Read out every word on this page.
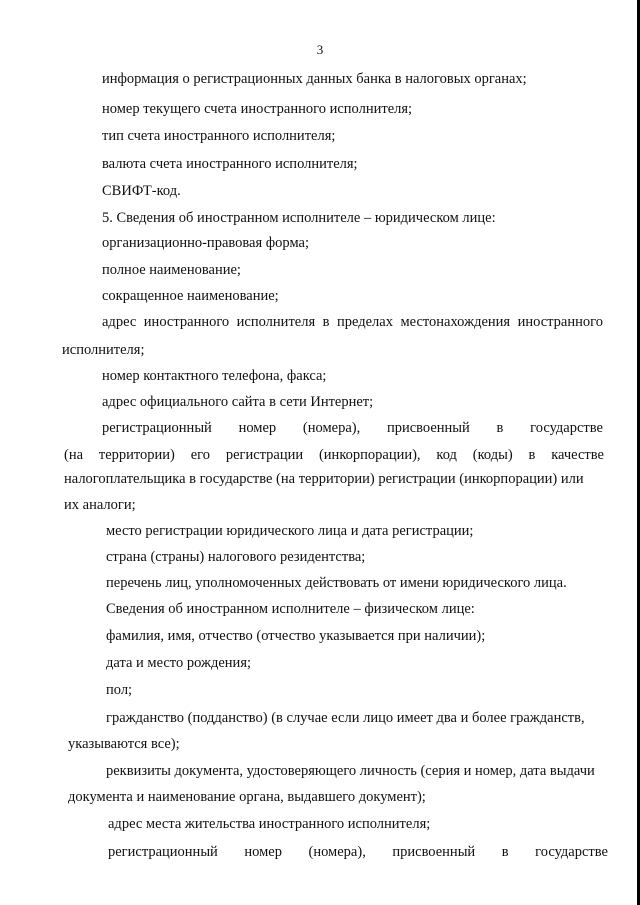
3
информация о регистрационных данных банка в налоговых органах;
номер текущего счета иностранного исполнителя;
тип счета иностранного исполнителя;
валюта счета иностранного исполнителя;
СВИФТ-код.
5. Сведения об иностранном исполнителе – юридическом лице:
организационно-правовая форма;
полное наименование;
сокращенное наименование;
адрес иностранного исполнителя в пределах местонахождения иностранного
исполнителя;
номер контактного телефона, факса;
адрес официального сайта в сети Интернет;
регистрационный номер (номера), присвоенный в государстве
(на территории) его регистрации (инкорпорации), код (коды) в качестве
налогоплательщика в государстве (на территории) регистрации (инкорпорации) или
их аналоги;
место регистрации юридического лица и дата регистрации;
страна (страны) налогового резидентства;
перечень лиц, уполномоченных действовать от имени юридического лица.
Сведения об иностранном исполнителе – физическом лице:
фамилия, имя, отчество (отчество указывается при наличии);
дата и место рождения;
пол;
гражданство (подданство) (в случае если лицо имеет два и более гражданств,
указываются все);
реквизиты документа, удостоверяющего личность (серия и номер, дата выдачи
документа и наименование органа, выдавшего документ);
адрес места жительства иностранного исполнителя;
регистрационный номер (номера), присвоенный в государстве
